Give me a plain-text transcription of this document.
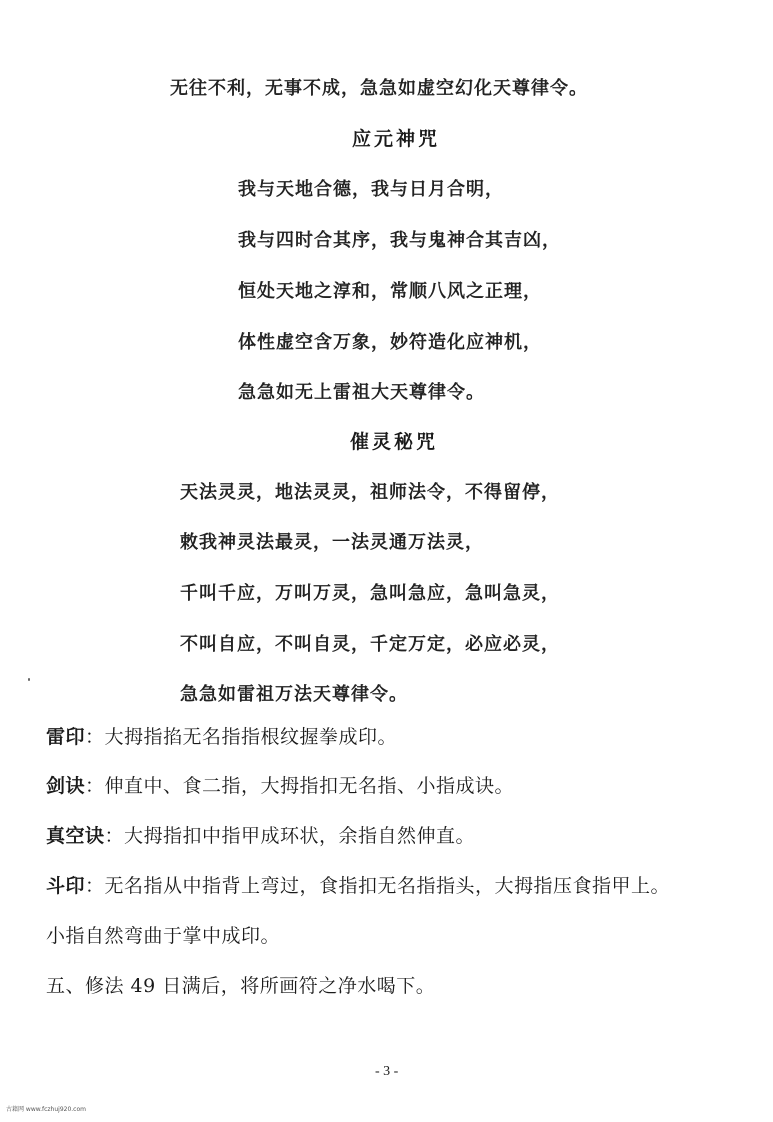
无往不利，无事不成，急急如虚空幻化天尊律令。
应元神咒
我与天地合德，我与日月合明，
我与四时合其序，我与鬼神合其吉凶，
恒处天地之淳和，常顺八风之正理，
体性虚空含万象，妙符造化应神机，
急急如无上雷祖大天尊律令。
催灵秘咒
天法灵灵，地法灵灵，祖师法令，不得留停，
敕我神灵法最灵，一法灵通万法灵，
千叫千应，万叫万灵，急叫急应，急叫急灵，
不叫自应，不叫自灵，千定万定，必应必灵，
急急如雷祖万法天尊律令。
雷印：大拇指掐无名指指根纹握拳成印。
剑诀：伸直中、食二指，大拇指扣无名指、小指成诀。
真空诀：大拇指扣中指甲成环状，余指自然伸直。
斗印：无名指从中指背上弯过，食指扣无名指指头，大拇指压食指甲上。
小指自然弯曲于掌中成印。
五、修法 49 日满后，将所画符之净水喝下。
- 3 -
古籍网 www.fczhuj920.com
